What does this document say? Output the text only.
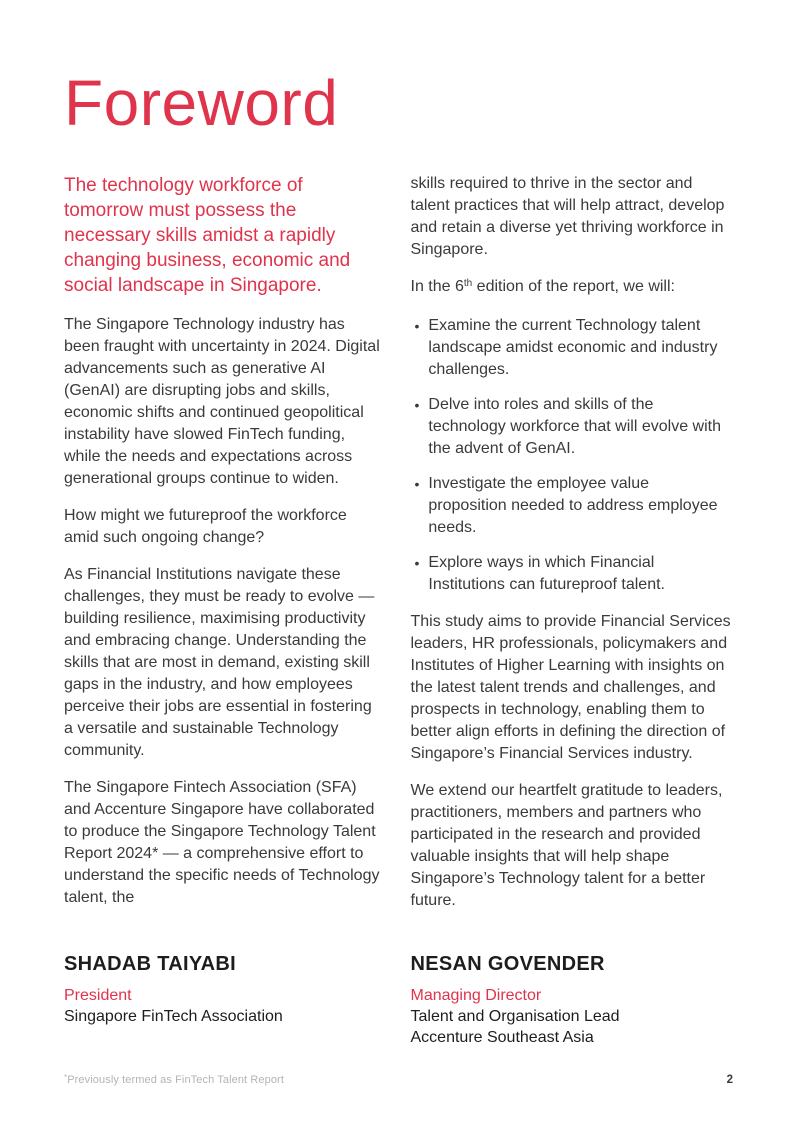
Foreword

The technology workforce of tomorrow must possess the necessary skills amidst a rapidly changing business, economic and social landscape in Singapore.

The Singapore Technology industry has been fraught with uncertainty in 2024. Digital advancements such as generative AI (GenAI) are disrupting jobs and skills, economic shifts and continued geopolitical instability have slowed FinTech funding, while the needs and expectations across generational groups continue to widen.

How might we futureproof the workforce amid such ongoing change?

As Financial Institutions navigate these challenges, they must be ready to evolve — building resilience, maximising productivity and embracing change. Understanding the skills that are most in demand, existing skill gaps in the industry, and how employees perceive their jobs are essential in fostering a versatile and sustainable Technology community.

The Singapore Fintech Association (SFA) and Accenture Singapore have collaborated to produce the Singapore Technology Talent Report 2024* — a comprehensive effort to understand the specific needs of Technology talent, the

skills required to thrive in the sector and talent practices that will help attract, develop and retain a diverse yet thriving workforce in Singapore.

In the 6th edition of the report, we will:

• Examine the current Technology talent landscape amidst economic and industry challenges.
• Delve into roles and skills of the technology workforce that will evolve with the advent of GenAI.
• Investigate the employee value proposition needed to address employee needs.
• Explore ways in which Financial Institutions can futureproof talent.

This study aims to provide Financial Services leaders, HR professionals, policymakers and Institutes of Higher Learning with insights on the latest talent trends and challenges, and prospects in technology, enabling them to better align efforts in defining the direction of Singapore’s Financial Services industry.

We extend our heartfelt gratitude to leaders, practitioners, members and partners who participated in the research and provided valuable insights that will help shape Singapore’s Technology talent for a better future.

SHADAB TAIYABI

President
Singapore FinTech Association

NESAN GOVENDER

Managing Director
Talent and Organisation Lead
Accenture Southeast Asia
*Previously termed as FinTech Talent Report	2
